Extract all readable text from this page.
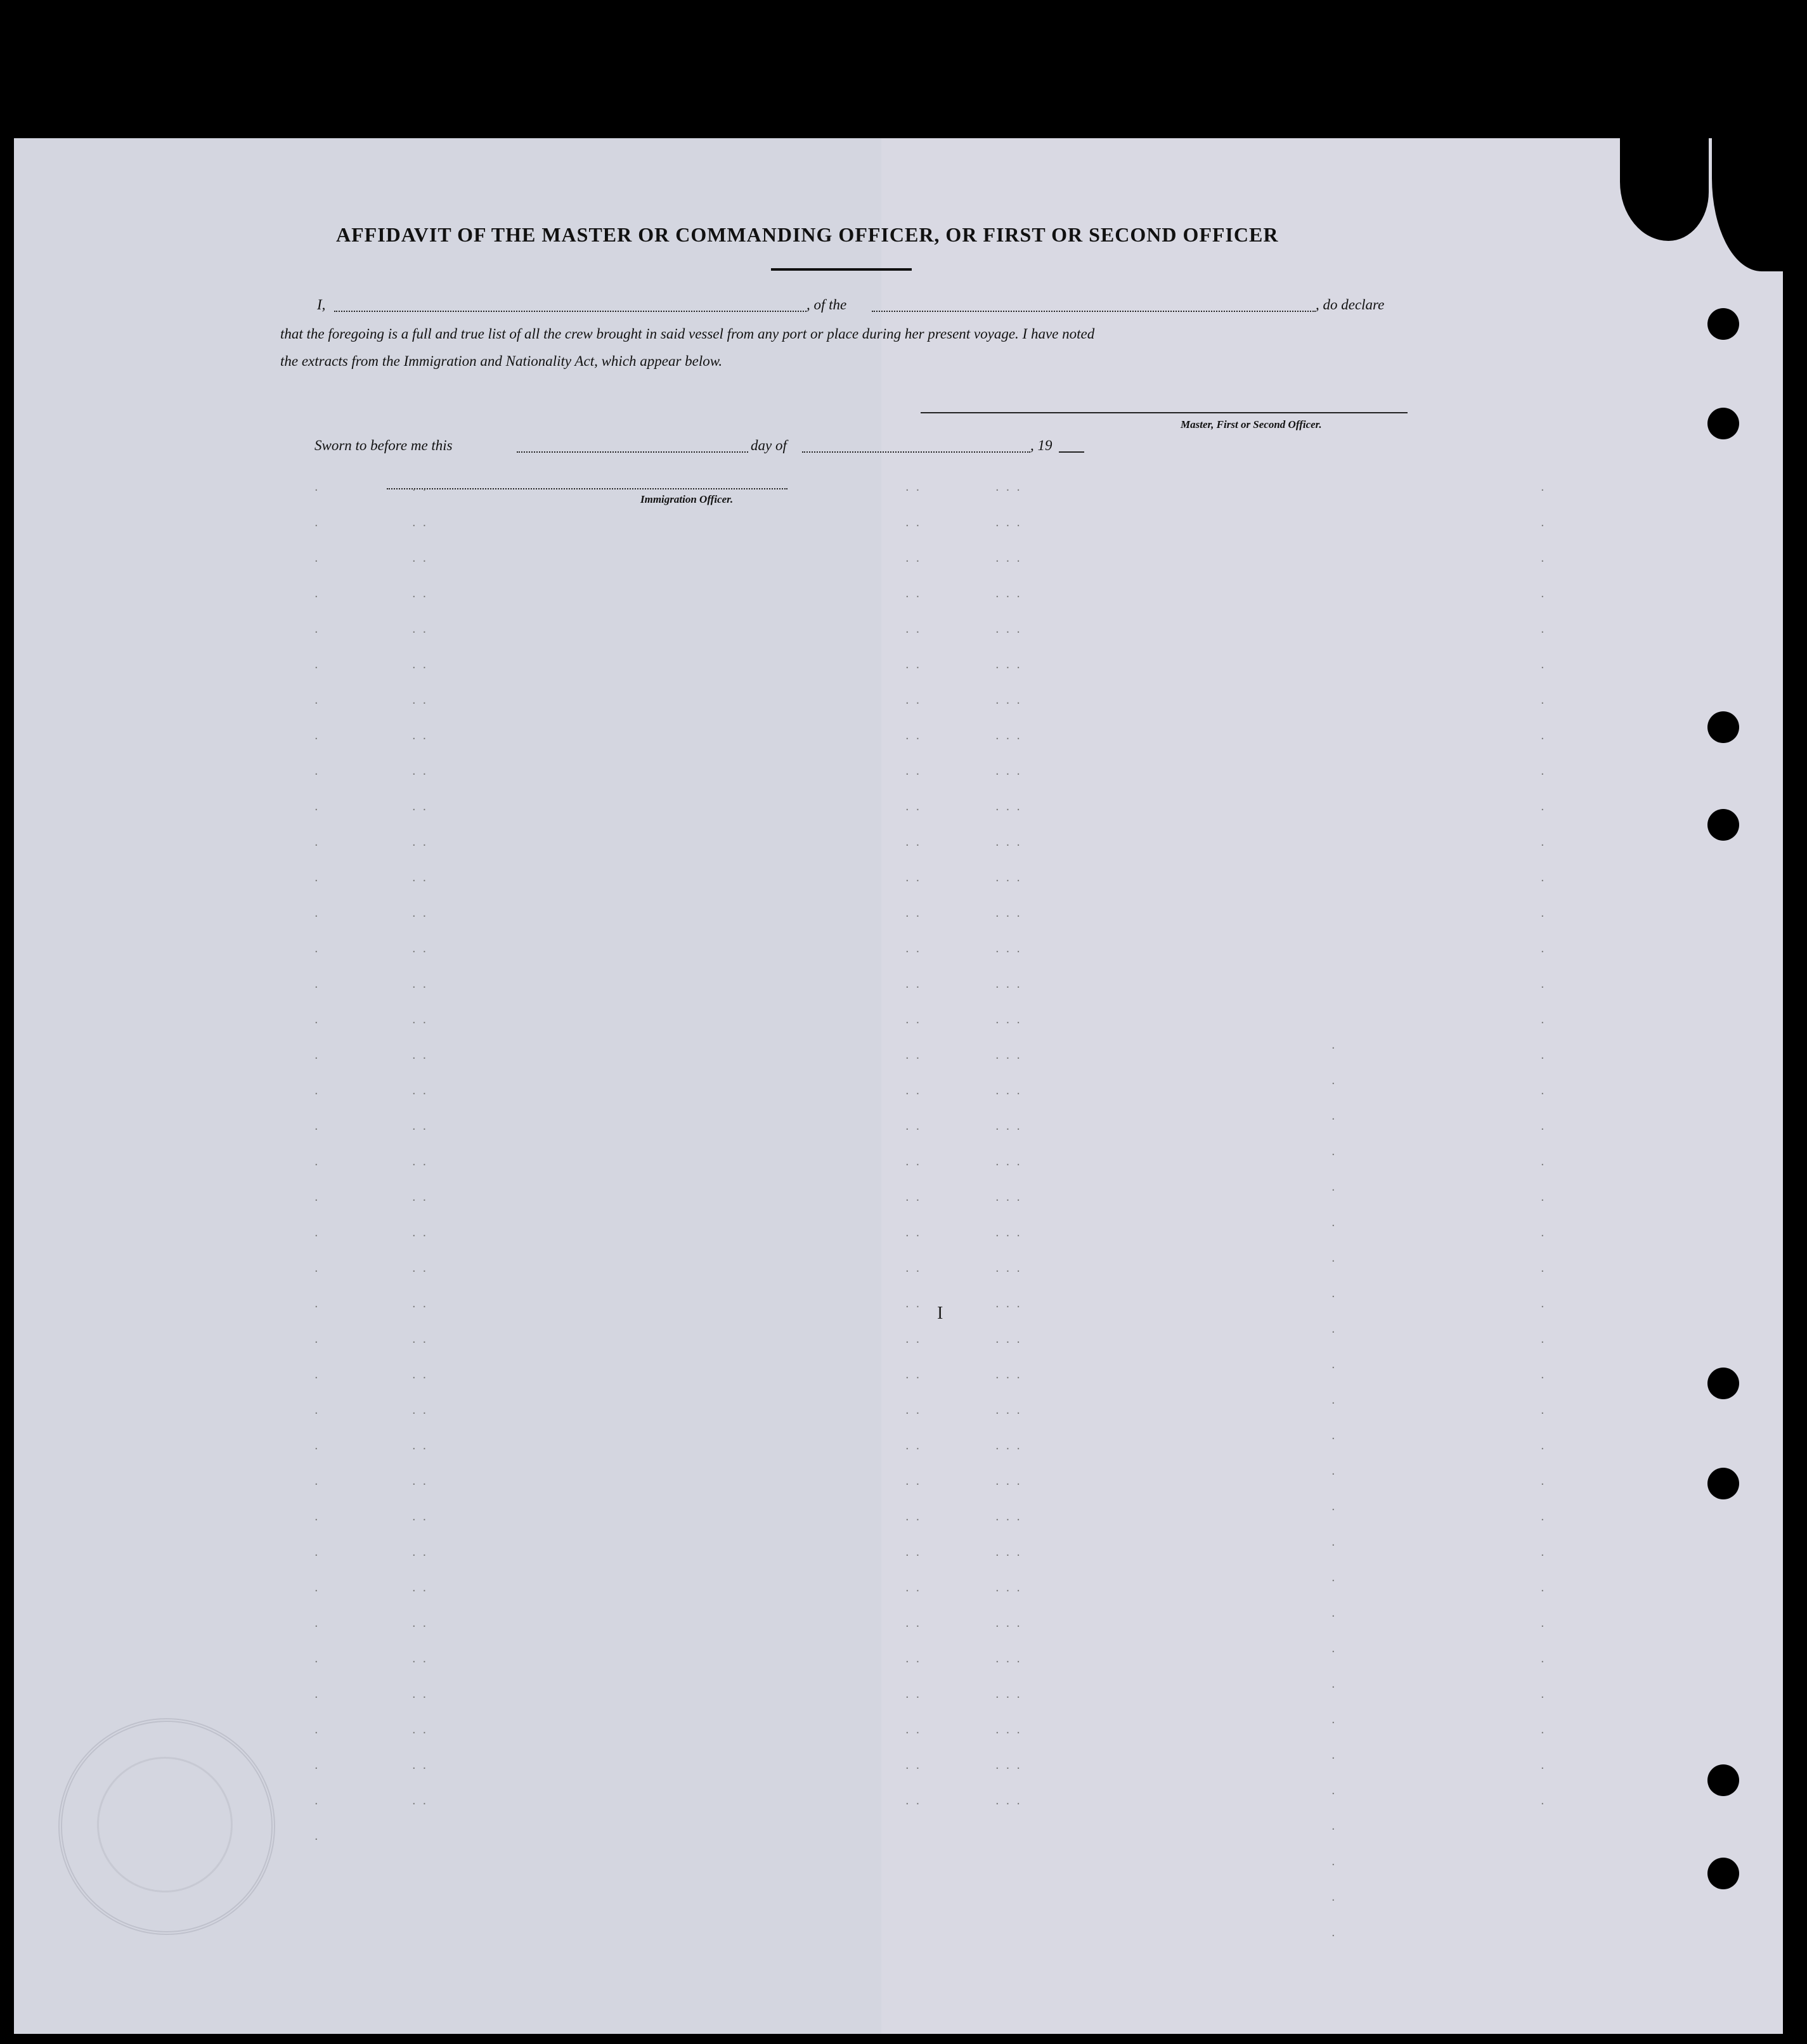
AFFIDAVIT OF THE MASTER OR COMMANDING OFFICER, OR FIRST OR SECOND OFFICER
I,	, of the	, do declare
that the foregoing is a full and true list of all the crew brought in said vessel from any port or place during her present voyage. I have noted
the extracts from the Immigration and Nationality Act, which appear below.
Master, First or Second Officer.
Sworn to before me this	day of	, 19
Immigration Officer.
.
.
.
.
.
.
.
.
.
.
.
.
.
.
.
.
.
.
.
.
.
.
.
.
.
.
.
.
.
.
.
.
.
.
.
.
.
.
.
.  .
.  .
.  .
.  .
.  .
.  .
.  .
.  .
.  .
.  .
.  .
.  .
.  .
.  .
.  .
.  .
.  .
.  .
.  .
.  .
.  .
.  .
.  .
.  .
.  .
.  .
.  .
.  .
.  .
.  .
.  .
.  .
.  .
.  .
.  .
.  .
.  .
.  .
.  .
.  .
.  .
.  .
.  .
.  .
.  .
.  .
.  .
.  .
.  .
.  .
.  .
.  .
.  .
.  .
.  .
.  .
.  .
.  .
.  .
.  .
.  .
.  .
.  .
.  .
.  .
.  .
.  .
.  .
.  .
.  .
.  .
.  .
.  .
.  .
.  .
.  .
.  .  .
.  .  .
.  .  .
.  .  .
.  .  .
.  .  .
.  .  .
.  .  .
.  .  .
.  .  .
.  .  .
.  .  .
.  .  .
.  .  .
.  .  .
.  .  .
.  .  .
.  .  .
.  .  .
.  .  .
.  .  .
.  .  .
.  .  .
.  .  .
.  .  .
.  .  .
.  .  .
.  .  .
.  .  .
.  .  .
.  .  .
.  .  .
.  .  .
.  .  .
.  .  .
.  .  .
.  .  .
.  .  .
.
.
.
.
.
.
.
.
.
.
.
.
.
.
.
.
.
.
.
.
.
.
.
.
.
.
.
.
.
.
.
.
.
.
.
.
.
.
.
.
.
.
.
.
.
.
.
.
.
.
.
.
.
.
.
.
.
.
.
.
.
.
.
.
I
